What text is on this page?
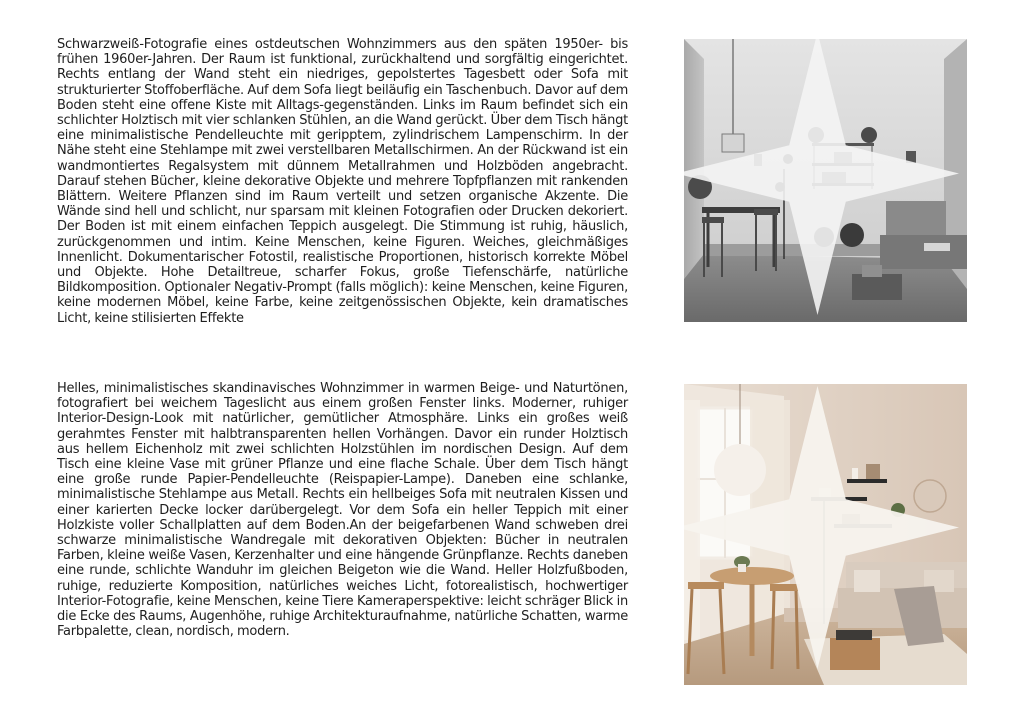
Schwarzweiß-Fotografie eines ostdeutschen Wohnzimmers aus den späten 1950er- bis frühen 1960er-Jahren. Der Raum ist funktional, zurückhaltend und sorgfältig eingerichtet. Rechts entlang der Wand steht ein niedriges, gepolstertes Tagesbett oder Sofa mit strukturierter Stoffoberfläche. Auf dem Sofa liegt beiläufig ein Taschenbuch. Davor auf dem Boden steht eine offene Kiste mit Alltags-gegenständen. Links im Raum befindet sich ein schlichter Holztisch mit vier schlanken Stühlen, an die Wand gerückt. Über dem Tisch hängt eine minimalistische Pendelleuchte mit geripptem, zylindrischem Lampenschirm. In der Nähe steht eine Stehlampe mit zwei verstellbaren Metallschirmen. An der Rückwand ist ein wandmontiertes Regalsystem mit dünnem Metallrahmen und Holzböden angebracht. Darauf stehen Bücher, kleine dekorative Objekte und mehrere Topfpflanzen mit rankenden Blättern. Weitere Pflanzen sind im Raum verteilt und setzen organische Akzente. Die Wände sind hell und schlicht, nur sparsam mit kleinen Fotografien oder Drucken dekoriert. Der Boden ist mit einem einfachen Teppich ausgelegt. Die Stimmung ist ruhig, häuslich, zurückgenommen und intim. Keine Menschen, keine Figuren. Weiches, gleichmäßiges Innenlicht. Dokumentarischer Fotostil, realistische Proportionen, historisch korrekte Möbel und Objekte. Hohe Detailtreue, scharfer Fokus, große Tiefenschärfe, natürliche Bildkomposition. Optionaler Negativ-Prompt (falls möglich): keine Menschen, keine Figuren, keine modernen Möbel, keine Farbe, keine zeitgenössischen Objekte, kein dramatisches Licht, keine stilisierten Effekte

Helles, minimalistisches skandinavisches Wohnzimmer in warmen Beige- und Naturtönen, fotografiert bei weichem Tageslicht aus einem großen Fenster links. Moderner, ruhiger Interior-Design-Look mit natürlicher, gemütlicher Atmosphäre. Links ein großes weiß gerahmtes Fenster mit halbtransparenten hellen Vorhängen. Davor ein runder Holztisch aus hellem Eichenholz mit zwei schlichten Holzstühlen im nordischen Design. Auf dem Tisch eine kleine Vase mit grüner Pflanze und eine flache Schale. Über dem Tisch hängt eine große runde Papier-Pendelleuchte (Reispapier-Lampe). Daneben eine schlanke, minimalistische Stehlampe aus Metall. Rechts ein hellbeiges Sofa mit neutralen Kissen und einer karierten Decke locker darübergelegt. Vor dem Sofa ein heller Teppich mit einer Holzkiste voller Schallplatten auf dem Boden.An der beigefarbenen Wand schweben drei schwarze minimalistische Wandregale mit dekorativen Objekten: Bücher in neutralen Farben, kleine weiße Vasen, Kerzenhalter und eine hängende Grünpflanze. Rechts daneben eine runde, schlichte Wanduhr im gleichen Beigeton wie die Wand. Heller Holzfußboden, ruhige, reduzierte Komposition, natürliches weiches Licht, fotorealistisch, hochwertiger Interior-Fotografie, keine Menschen, keine Tiere Kameraperspektive: leicht schräger Blick in die Ecke des Raums, Augenhöhe, ruhige Architekturaufnahme, natürliche Schatten, warme Farbpalette, clean, nordisch, modern.
